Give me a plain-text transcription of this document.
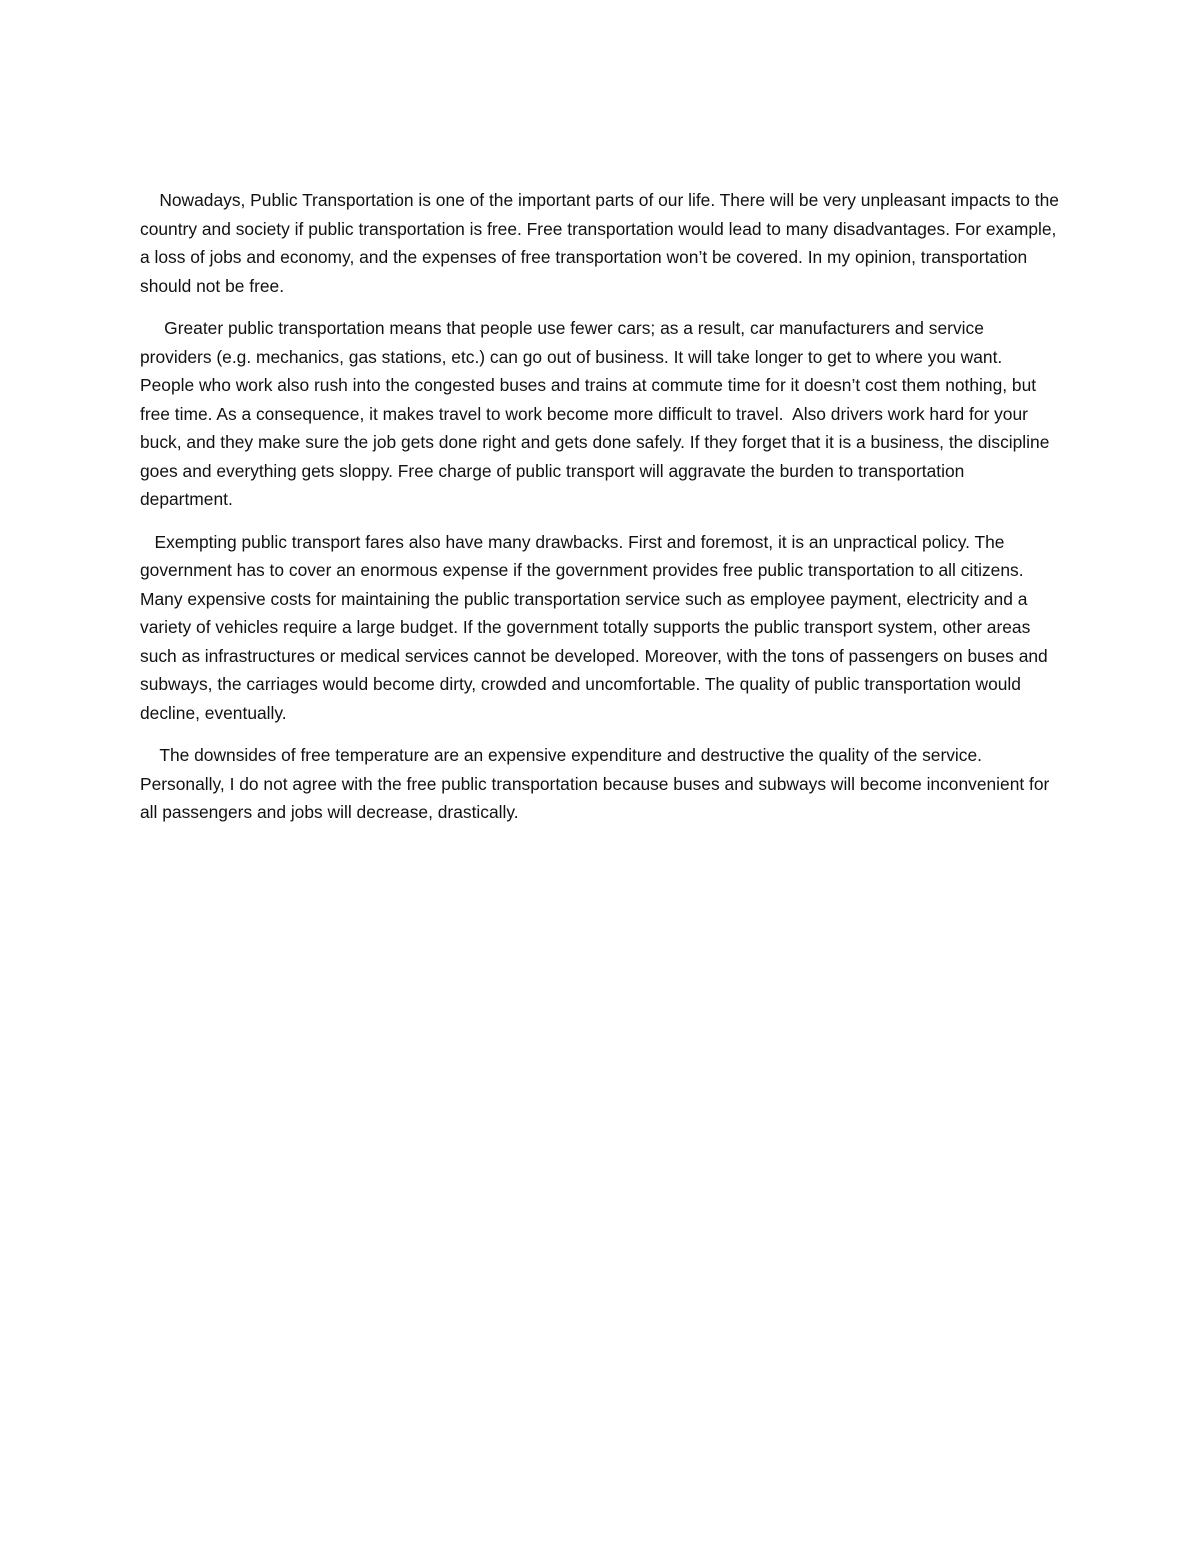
Nowadays, Public Transportation is one of the important parts of our life. There will be very unpleasant impacts to the country and society if public transportation is free. Free transportation would lead to many disadvantages. For example, a loss of jobs and economy, and the expenses of free transportation won’t be covered. In my opinion, transportation should not be free.

Greater public transportation means that people use fewer cars; as a result, car manufacturers and service providers (e.g. mechanics, gas stations, etc.) can go out of business. It will take longer to get to where you want. People who work also rush into the congested buses and trains at commute time for it doesn’t cost them nothing, but free time. As a consequence, it makes travel to work become more difficult to travel.  Also drivers work hard for your buck, and they make sure the job gets done right and gets done safely. If they forget that it is a business, the discipline goes and everything gets sloppy. Free charge of public transport will aggravate the burden to transportation department.

Exempting public transport fares also have many drawbacks. First and foremost, it is an unpractical policy. The government has to cover an enormous expense if the government provides free public transportation to all citizens. Many expensive costs for maintaining the public transportation service such as employee payment, electricity and a variety of vehicles require a large budget. If the government totally supports the public transport system, other areas such as infrastructures or medical services cannot be developed. Moreover, with the tons of passengers on buses and subways, the carriages would become dirty, crowded and uncomfortable. The quality of public transportation would decline, eventually.

The downsides of free temperature are an expensive expenditure and destructive the quality of the service. Personally, I do not agree with the free public transportation because buses and subways will become inconvenient for all passengers and jobs will decrease, drastically.
